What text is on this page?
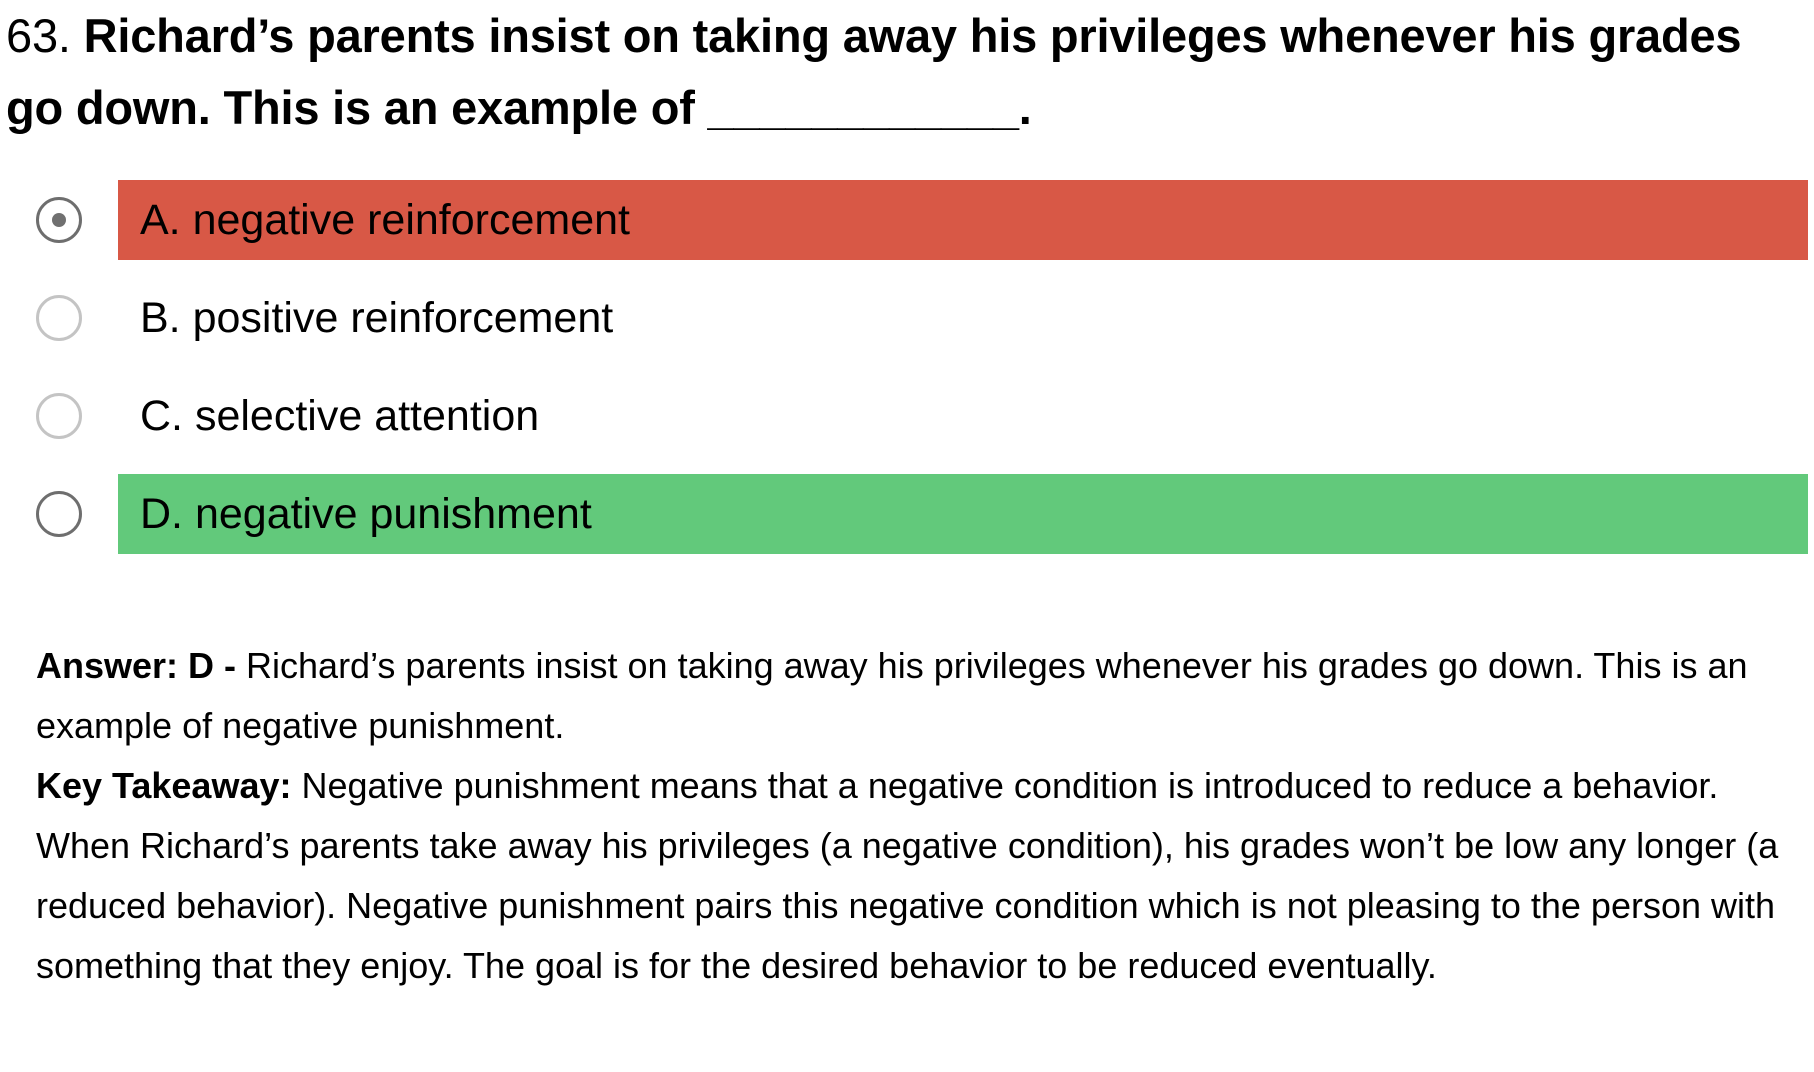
63. Richard’s parents insist on taking away his privileges whenever his grades go down. This is an example of ____________.
A. negative reinforcement
B. positive reinforcement
C. selective attention
D. negative punishment

Answer: D - Richard’s parents insist on taking away his privileges whenever his grades go down. This is an example of negative punishment.

Key Takeaway: Negative punishment means that a negative condition is introduced to reduce a behavior. When Richard’s parents take away his privileges (a negative condition), his grades won’t be low any longer (a reduced behavior). Negative punishment pairs this negative condition which is not pleasing to the person with something that they enjoy. The goal is for the desired behavior to be reduced eventually.
